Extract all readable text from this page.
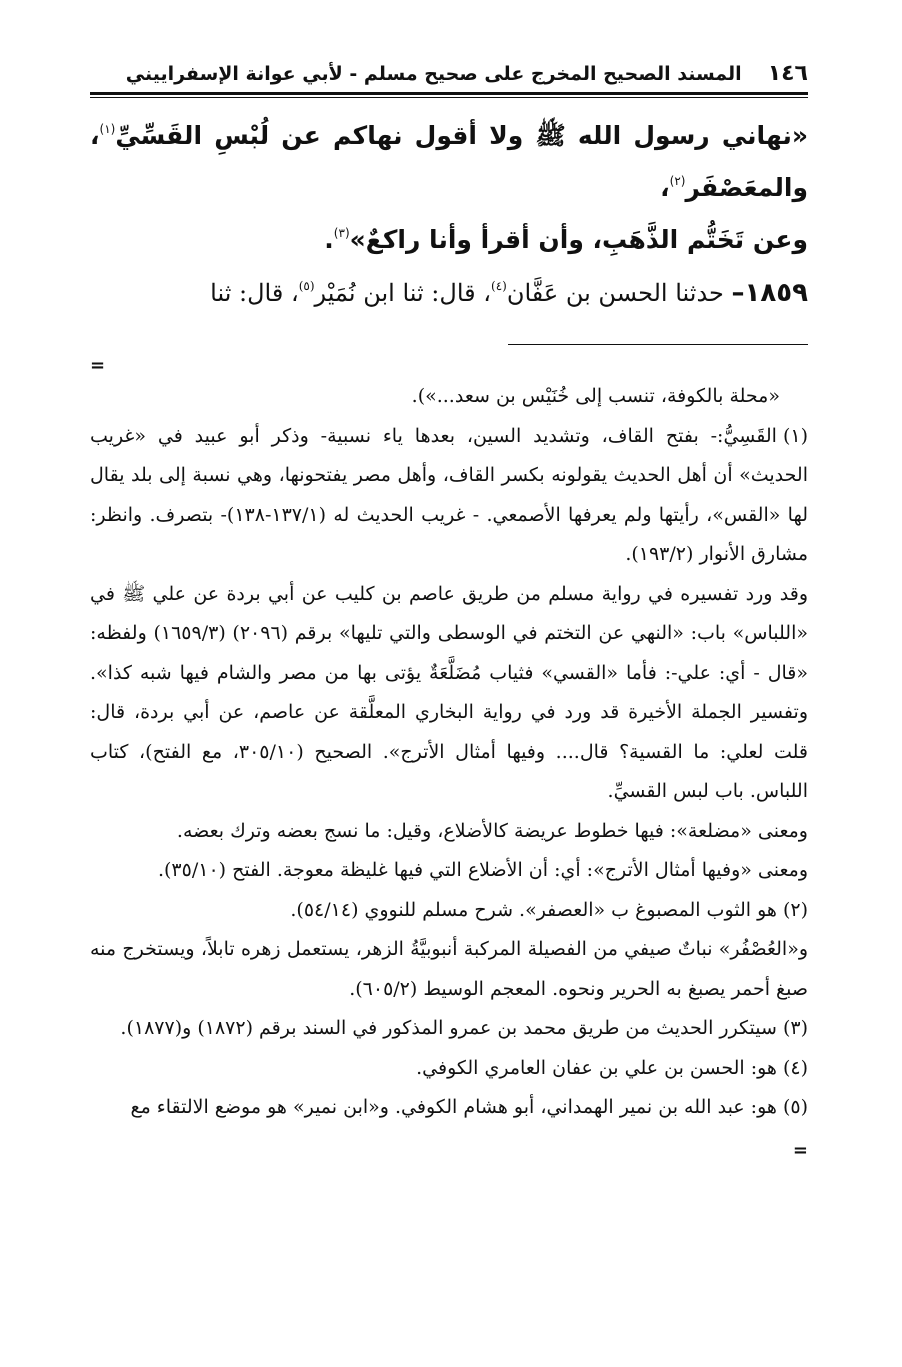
١٤٦
المسند الصحيح المخرج على صحيح مسلم - لأبي عوانة الإسفراييني
«نهاني رسول الله ﷺ ولا أقول نهاكم عن لُبْسِ القَسِّيِّ$^{(١)}$، والمعَصْفَر$^{(٢)}$،
وعن تَخَتُّم الذَّهَبِ، وأن أقرأ وأنا راكعٌ»$^{(٣)}$.
١٨٥٩– حدثنا الحسن بن عَفَّان$^{(٤)}$، قال: ثنا ابن نُمَيْر$^{(٥)}$، قال: ثنا
=

«محلة بالكوفة، تنسب إلى خُنَيْس بن سعد...»).

(١)القَسِيُّ:- بفتح القاف، وتشديد السين، بعدها ياء نسبية- وذكر أبو عبيد في «غريب الحديث» أن أهل الحديث يقولونه بكسر القاف، وأهل مصر يفتحونها، وهي نسبة إلى بلد يقال لها «القس»، رأيتها ولم يعرفها الأصمعي. - غريب الحديث له (١٣٧/١-١٣٨)- بتصرف. وانظر: مشارق الأنوار (١٩٣/٢).

وقد ورد تفسيره في رواية مسلم من طريق عاصم بن كليب عن أبي بردة عن علي ﷺ في «اللباس» باب: «النهي عن التختم في الوسطى والتي تليها» برقم (٢٠٩٦) (١٦٥٩/٣) ولفظه: «قال - أي: علي-: فأما «القسي» فثياب مُضَلَّعَةٌ يؤتى بها من مصر والشام فيها شبه كذا». وتفسير الجملة الأخيرة قد ورد في رواية البخاري المعلَّقة عن عاصم، عن أبي بردة، قال: قلت لعلي: ما القسية؟ قال.... وفيها أمثال الأترج». الصحيح (٣٠٥/١٠، مع الفتح)، كتاب اللباس. باب لبس القسيِّ.

ومعنى «مضلعة»: فيها خطوط عريضة كالأضلاع، وقيل: ما نسج بعضه وترك بعضه.

ومعنى «وفيها أمثال الأترج»: أي: أن الأضلاع التي فيها غليظة معوجة. الفتح (٣٥/١٠).

(٢)هو الثوب المصبوغ ب «العصفر». شرح مسلم للنووي (٥٤/١٤).

و«العُصْفُر» نباتٌ صيفي من الفصيلة المركبة أنبوبيَّةُ الزهر، يستعمل زهره تابلاً، ويستخرج منه صبغ أحمر يصبغ به الحرير ونحوه. المعجم الوسيط (٦٠٥/٢).

(٣)سيتكرر الحديث من طريق محمد بن عمرو المذكور في السند برقم (١٨٧٢) و(١٨٧٧).

(٤)هو: الحسن بن علي بن عفان العامري الكوفي.

(٥)هو: عبد الله بن نمير الهمداني، أبو هشام الكوفي. و«ابن نمير» هو موضع الالتقاء مع

=
